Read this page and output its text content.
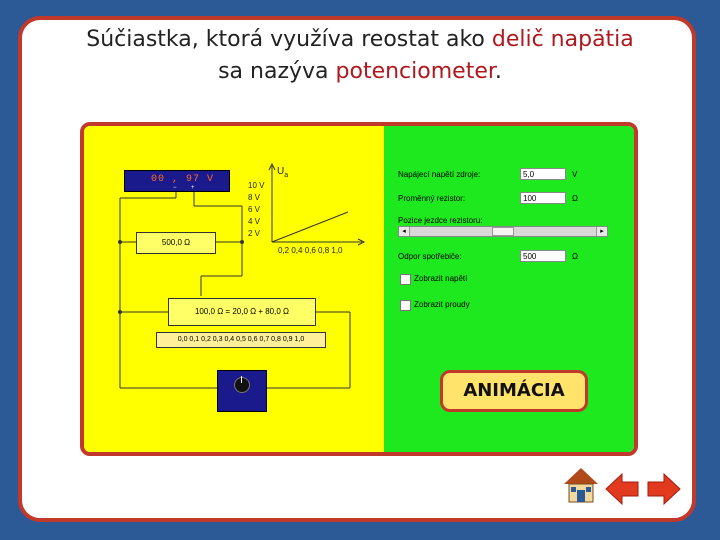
Súčiastka, ktorá využíva reostat ako delič napätia
sa nazýva potenciometer.
00 , 97 V
− +
500,0 Ω
$U_a$
10 V
8 V
6 V
4 V
2 V
0,2 0,4 0,6 0,8 1,0
100,0 Ω = 20,0 Ω + 80,0 Ω
0,0 0,1 0,2 0,3 0,4 0,5 0,6 0,7 0,8 0,9 1,0
Napájecí napětí zdroje:	5,0	V
Proměnný rezistor:	100	Ω
Pozice jezdce rezistoru:
◂	▸
Odpor spotřebiče:	500	Ω
Zobrazit napětí
Zobrazit proudy
ANIMÁCIA
